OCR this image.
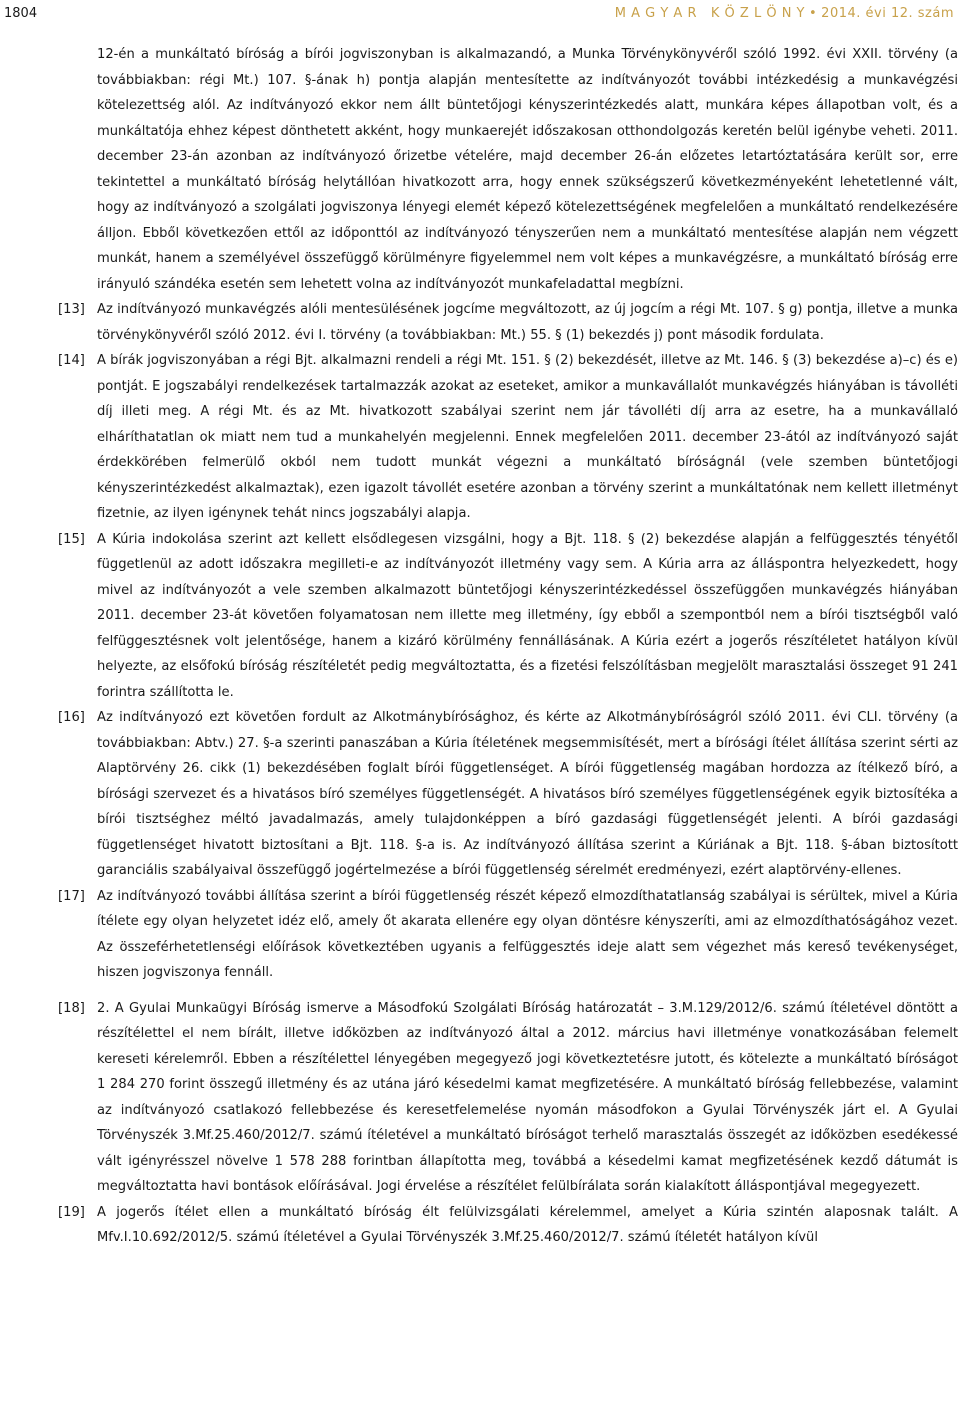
1804	M A G Y A R   K Ö Z L Ö N Y • 2014. évi 12. szám
12-én a munkáltató bíróság a bírói jogviszonyban is alkalmazandó, a Munka Törvénykönyvéről szóló 1992. évi XXII. törvény (a továbbiakban: régi Mt.) 107. §-ának h) pontja alapján mentesítette az indítványozót további intézkedésig a munkavégzési kötelezettség alól. Az indítványozó ekkor nem állt büntetőjogi kényszerintézkedés alatt, munkára képes állapotban volt, és a munkáltatója ehhez képest dönthetett akként, hogy munkaerejét időszakosan otthondolgozás keretén belül igénybe veheti. 2011. december 23-án azonban az indítványozó őrizetbe vételére, majd december 26-án előzetes letartóztatására került sor, erre tekintettel a munkáltató bíróság helytállóan hivatkozott arra, hogy ennek szükségszerű következményeként lehetetlenné vált, hogy az indítványozó a szolgálati jogviszonya lényegi elemét képező kötelezettségének megfelelően a munkáltató rendelkezésére álljon. Ebből következően ettől az időponttól az indítványozó tényszerűen nem a munkáltató mentesítése alapján nem végzett munkát, hanem a személyével összefüggő körülményre figyelemmel nem volt képes a munkavégzésre, a munkáltató bíróság erre irányuló szándéka esetén sem lehetett volna az indítványozót munkafeladattal megbízni.
[13] Az indítványozó munkavégzés alóli mentesülésének jogcíme megváltozott, az új jogcím a régi Mt. 107. § g) pontja, illetve a munka törvénykönyvéről szóló 2012. évi I. törvény (a továbbiakban: Mt.) 55. § (1) bekezdés j) pont második fordulata.
[14] A bírák jogviszonyában a régi Bjt. alkalmazni rendeli a régi Mt. 151. § (2) bekezdését, illetve az Mt. 146. § (3) bekezdése a)–c) és e) pontját. E jogszabályi rendelkezések tartalmazzák azokat az eseteket, amikor a munkavállalót munkavégzés hiányában is távolléti díj illeti meg. A régi Mt. és az Mt. hivatkozott szabályai szerint nem jár távolléti díj arra az esetre, ha a munkavállaló elháríthatatlan ok miatt nem tud a munkahelyén megjelenni. Ennek megfelelően 2011. december 23-ától az indítványozó saját érdekkörében felmerülő okból nem tudott munkát végezni a munkáltató bíróságnál (vele szemben büntetőjogi kényszerintézkedést alkalmaztak), ezen igazolt távollét esetére azonban a törvény szerint a munkáltatónak nem kellett illetményt fizetnie, az ilyen igénynek tehát nincs jogszabályi alapja.
[15] A Kúria indokolása szerint azt kellett elsődlegesen vizsgálni, hogy a Bjt. 118. § (2) bekezdése alapján a felfüggesztés tényétől függetlenül az adott időszakra megilleti-e az indítványozót illetmény vagy sem. A Kúria arra az álláspontra helyezkedett, hogy mivel az indítványozót a vele szemben alkalmazott büntetőjogi kényszerintézkedéssel összefüggően munkavégzés hiányában 2011. december 23-át követően folyamatosan nem illette meg illetmény, így ebből a szempontból nem a bírói tisztségből való felfüggesztésnek volt jelentősége, hanem a kizáró körülmény fennállásának. A Kúria ezért a jogerős részítéletet hatályon kívül helyezte, az elsőfokú bíróság részítéletét pedig megváltoztatta, és a fizetési felszólításban megjelölt marasztalási összeget 91 241 forintra szállította le.
[16] Az indítványozó ezt követően fordult az Alkotmánybírósághoz, és kérte az Alkotmánybíróságról szóló 2011. évi CLI. törvény (a továbbiakban: Abtv.) 27. §-a szerinti panaszában a Kúria ítéletének megsemmisítését, mert a bírósági ítélet állítása szerint sérti az Alaptörvény 26. cikk (1) bekezdésében foglalt bírói függetlenséget. A bírói függetlenség magában hordozza az ítélkező bíró, a bírósági szervezet és a hivatásos bíró személyes függetlenségét. A hivatásos bíró személyes függetlenségének egyik biztosítéka a bírói tisztséghez méltó javadalmazás, amely tulajdonképpen a bíró gazdasági függetlenségét jelenti. A bírói gazdasági függetlenséget hivatott biztosítani a Bjt. 118. §-a is. Az indítványozó állítása szerint a Kúriának a Bjt. 118. §-ában biztosított garanciális szabályaival összefüggő jogértelmezése a bírói függetlenség sérelmét eredményezi, ezért alaptörvény-ellenes.
[17] Az indítványozó további állítása szerint a bírói függetlenség részét képező elmozdíthatatlanság szabályai is sérültek, mivel a Kúria ítélete egy olyan helyzetet idéz elő, amely őt akarata ellenére egy olyan döntésre kényszeríti, ami az elmozdíthatóságához vezet. Az összeférhetetlenségi előírások következtében ugyanis a felfüggesztés ideje alatt sem végezhet más kereső tevékenységet, hiszen jogviszonya fennáll.
[18] 2. A Gyulai Munkaügyi Bíróság ismerve a Másodfokú Szolgálati Bíróság határozatát – 3.M.129/2012/6. számú ítéletével döntött a részítélettel el nem bírált, illetve időközben az indítványozó által a 2012. március havi illetménye vonatkozásában felemelt kereseti kérelemről. Ebben a részítélettel lényegében megegyező jogi következtetésre jutott, és kötelezte a munkáltató bíróságot 1 284 270 forint összegű illetmény és az utána járó késedelmi kamat megfizetésére. A munkáltató bíróság fellebbezése, valamint az indítványozó csatlakozó fellebbezése és keresetfelemelése nyomán másodfokon a Gyulai Törvényszék járt el. A Gyulai Törvényszék 3.Mf.25.460/2012/7. számú ítéletével a munkáltató bíróságot terhelő marasztalás összegét az időközben esedékessé vált igényrésszel növelve 1 578 288 forintban állapította meg, továbbá a késedelmi kamat megfizetésének kezdő dátumát is megváltoztatta havi bontások előírásával. Jogi érvelése a részítélet felülbírálata során kialakított álláspontjával megegyezett.
[19] A jogerős ítélet ellen a munkáltató bíróság élt felülvizsgálati kérelemmel, amelyet a Kúria szintén alaposnak talált. A Mfv.I.10.692/2012/5. számú ítéletével a Gyulai Törvényszék 3.Mf.25.460/2012/7. számú ítéletét hatályon kívül
